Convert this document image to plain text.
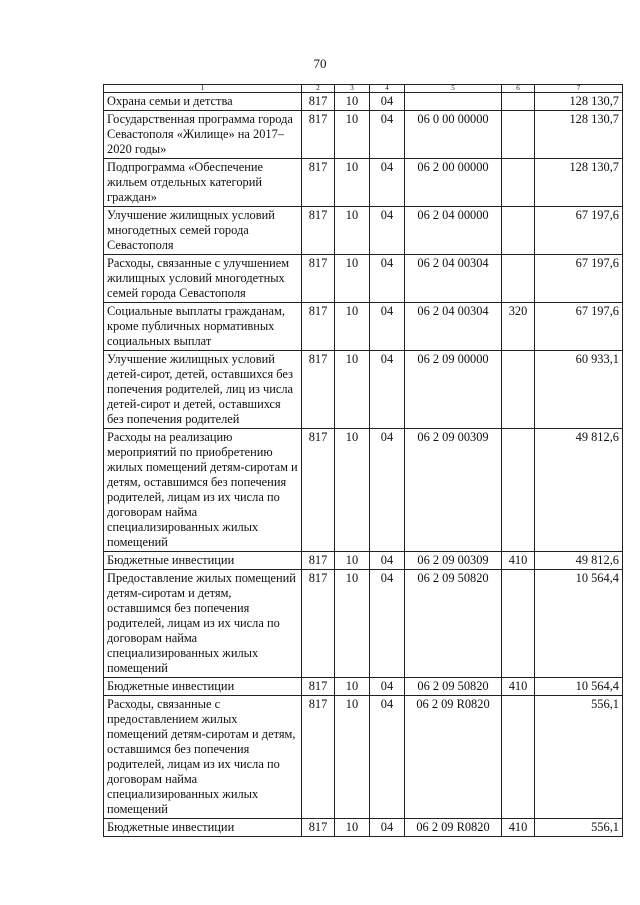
70
1	2	3	4	5	6	7
Охрана семьи и детства	817	10	04			128 130,7
Государственная программа города Севастополя «Жилище» на 2017–2020 годы»	817	10	04	06 0 00 00000		128 130,7
Подпрограмма «Обеспечение жильем отдельных категорий граждан»	817	10	04	06 2 00 00000		128 130,7
Улучшение жилищных условий многодетных семей города Севастополя	817	10	04	06 2 04 00000		67 197,6
Расходы, связанные с улучшением жилищных условий многодетных семей города Севастополя	817	10	04	06 2 04 00304		67 197,6
Социальные выплаты гражданам, кроме публичных нормативных социальных выплат	817	10	04	06 2 04 00304	320	67 197,6
Улучшение жилищных условий детей-сирот, детей, оставшихся без попечения родителей, лиц из числа детей-сирот и детей, оставшихся без попечения родителей	817	10	04	06 2 09 00000		60 933,1
Расходы на реализацию мероприятий по приобретению жилых помещений детям-сиротам и детям, оставшимся без попечения родителей, лицам из их числа по договорам найма специализированных жилых помещений	817	10	04	06 2 09 00309		49 812,6
Бюджетные инвестиции	817	10	04	06 2 09 00309	410	49 812,6
Предоставление жилых помещений детям-сиротам и детям, оставшимся без попечения родителей, лицам из их числа по договорам найма специализированных жилых помещений	817	10	04	06 2 09 50820		10 564,4
Бюджетные инвестиции	817	10	04	06 2 09 50820	410	10 564,4
Расходы, связанные с предоставлением жилых помещений детям-сиротам и детям, оставшимся без попечения родителей, лицам из их числа по договорам найма специализированных жилых помещений	817	10	04	06 2 09 R0820		556,1
Бюджетные инвестиции	817	10	04	06 2 09 R0820	410	556,1
